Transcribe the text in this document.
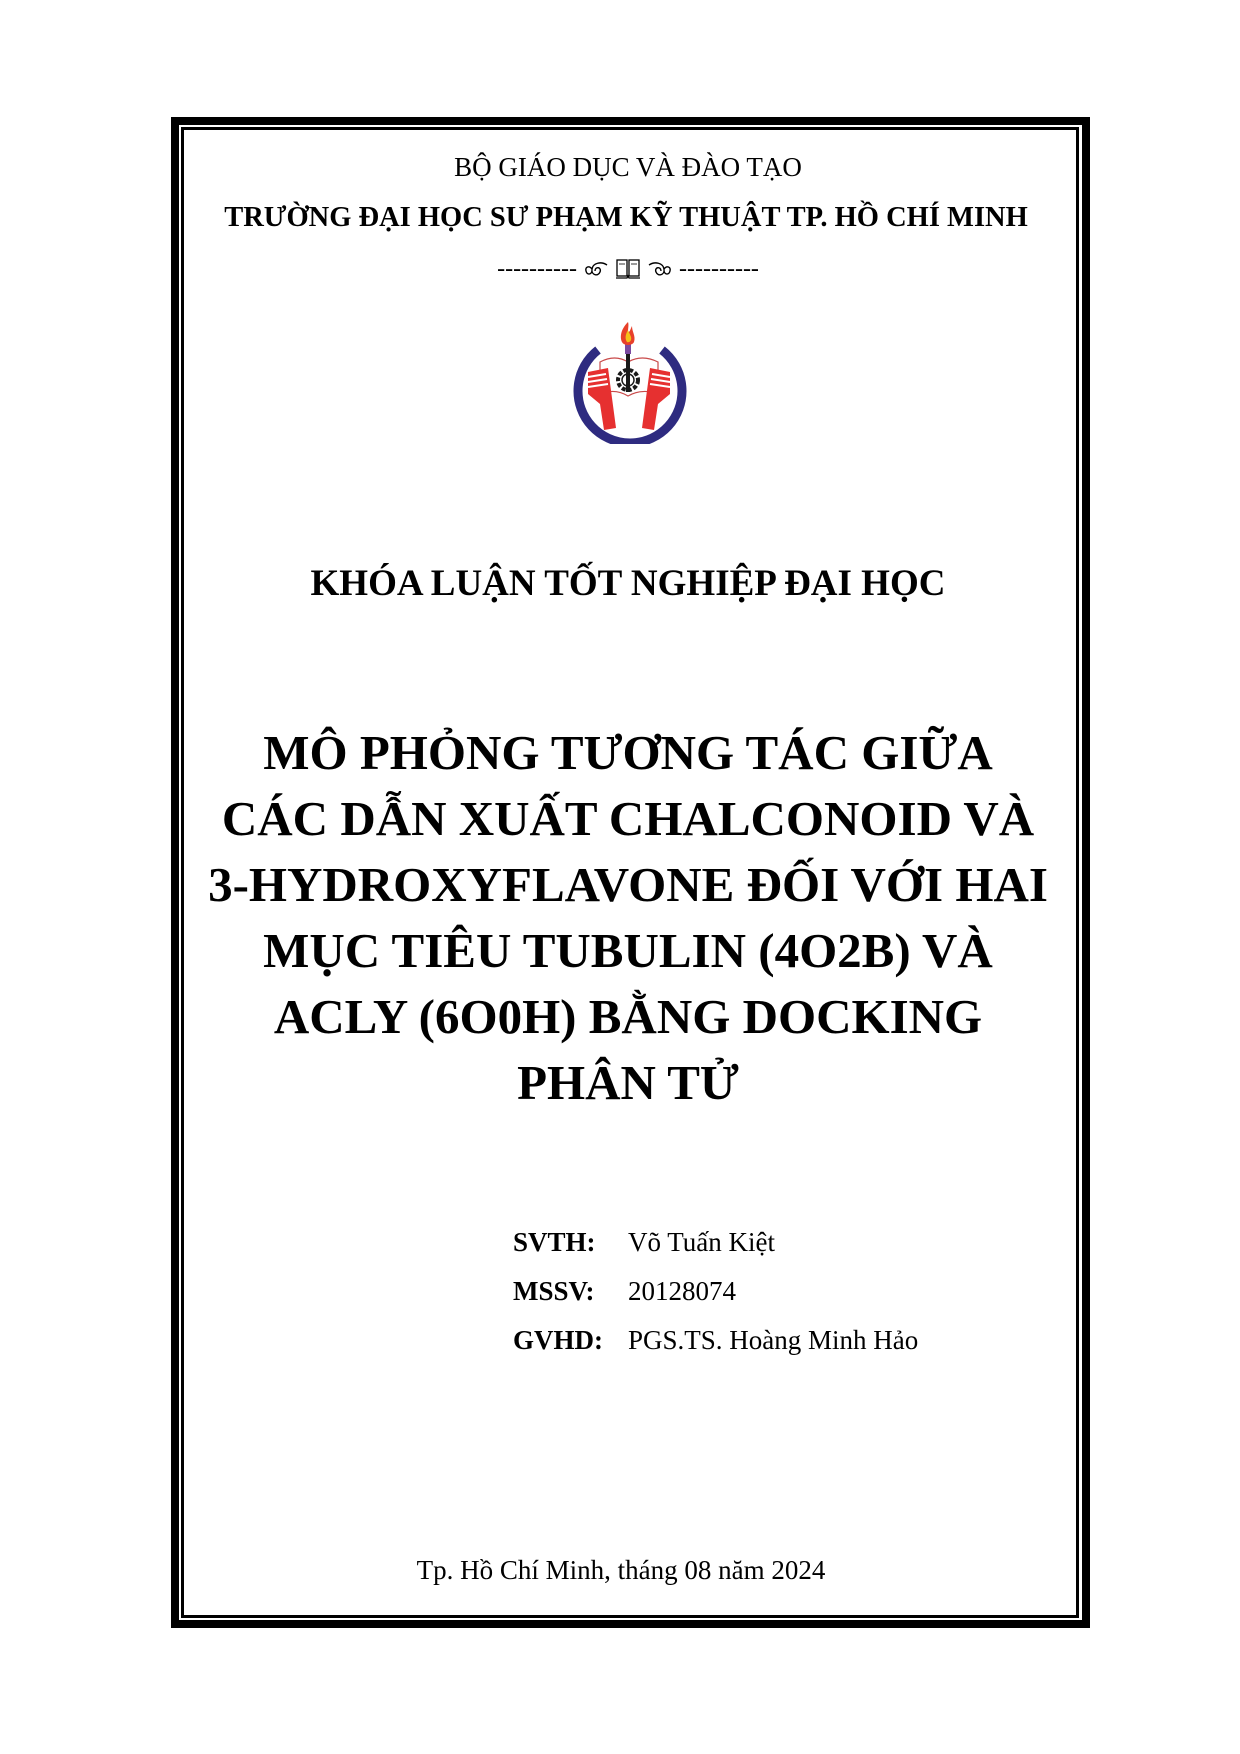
BỘ GIÁO DỤC VÀ ĐÀO TẠO
TRƯỜNG ĐẠI HỌC SƯ PHẠM KỸ THUẬT TP. HỒ CHÍ MINH
----------	----------
KHÓA LUẬN TỐT NGHIỆP ĐẠI HỌC
MÔ PHỎNG TƯƠNG TÁC GIỮA
CÁC DẪN XUẤT CHALCONOID VÀ
3-HYDROXYFLAVONE ĐỐI VỚI HAI
MỤC TIÊU TUBULIN (4O2B) VÀ
ACLY (6O0H) BẰNG DOCKING
PHÂN TỬ
SVTH: Võ Tuấn Kiệt
MSSV: 20128074
GVHD: PGS.TS. Hoàng Minh Hảo
Tp. Hồ Chí Minh, tháng 08 năm 2024
